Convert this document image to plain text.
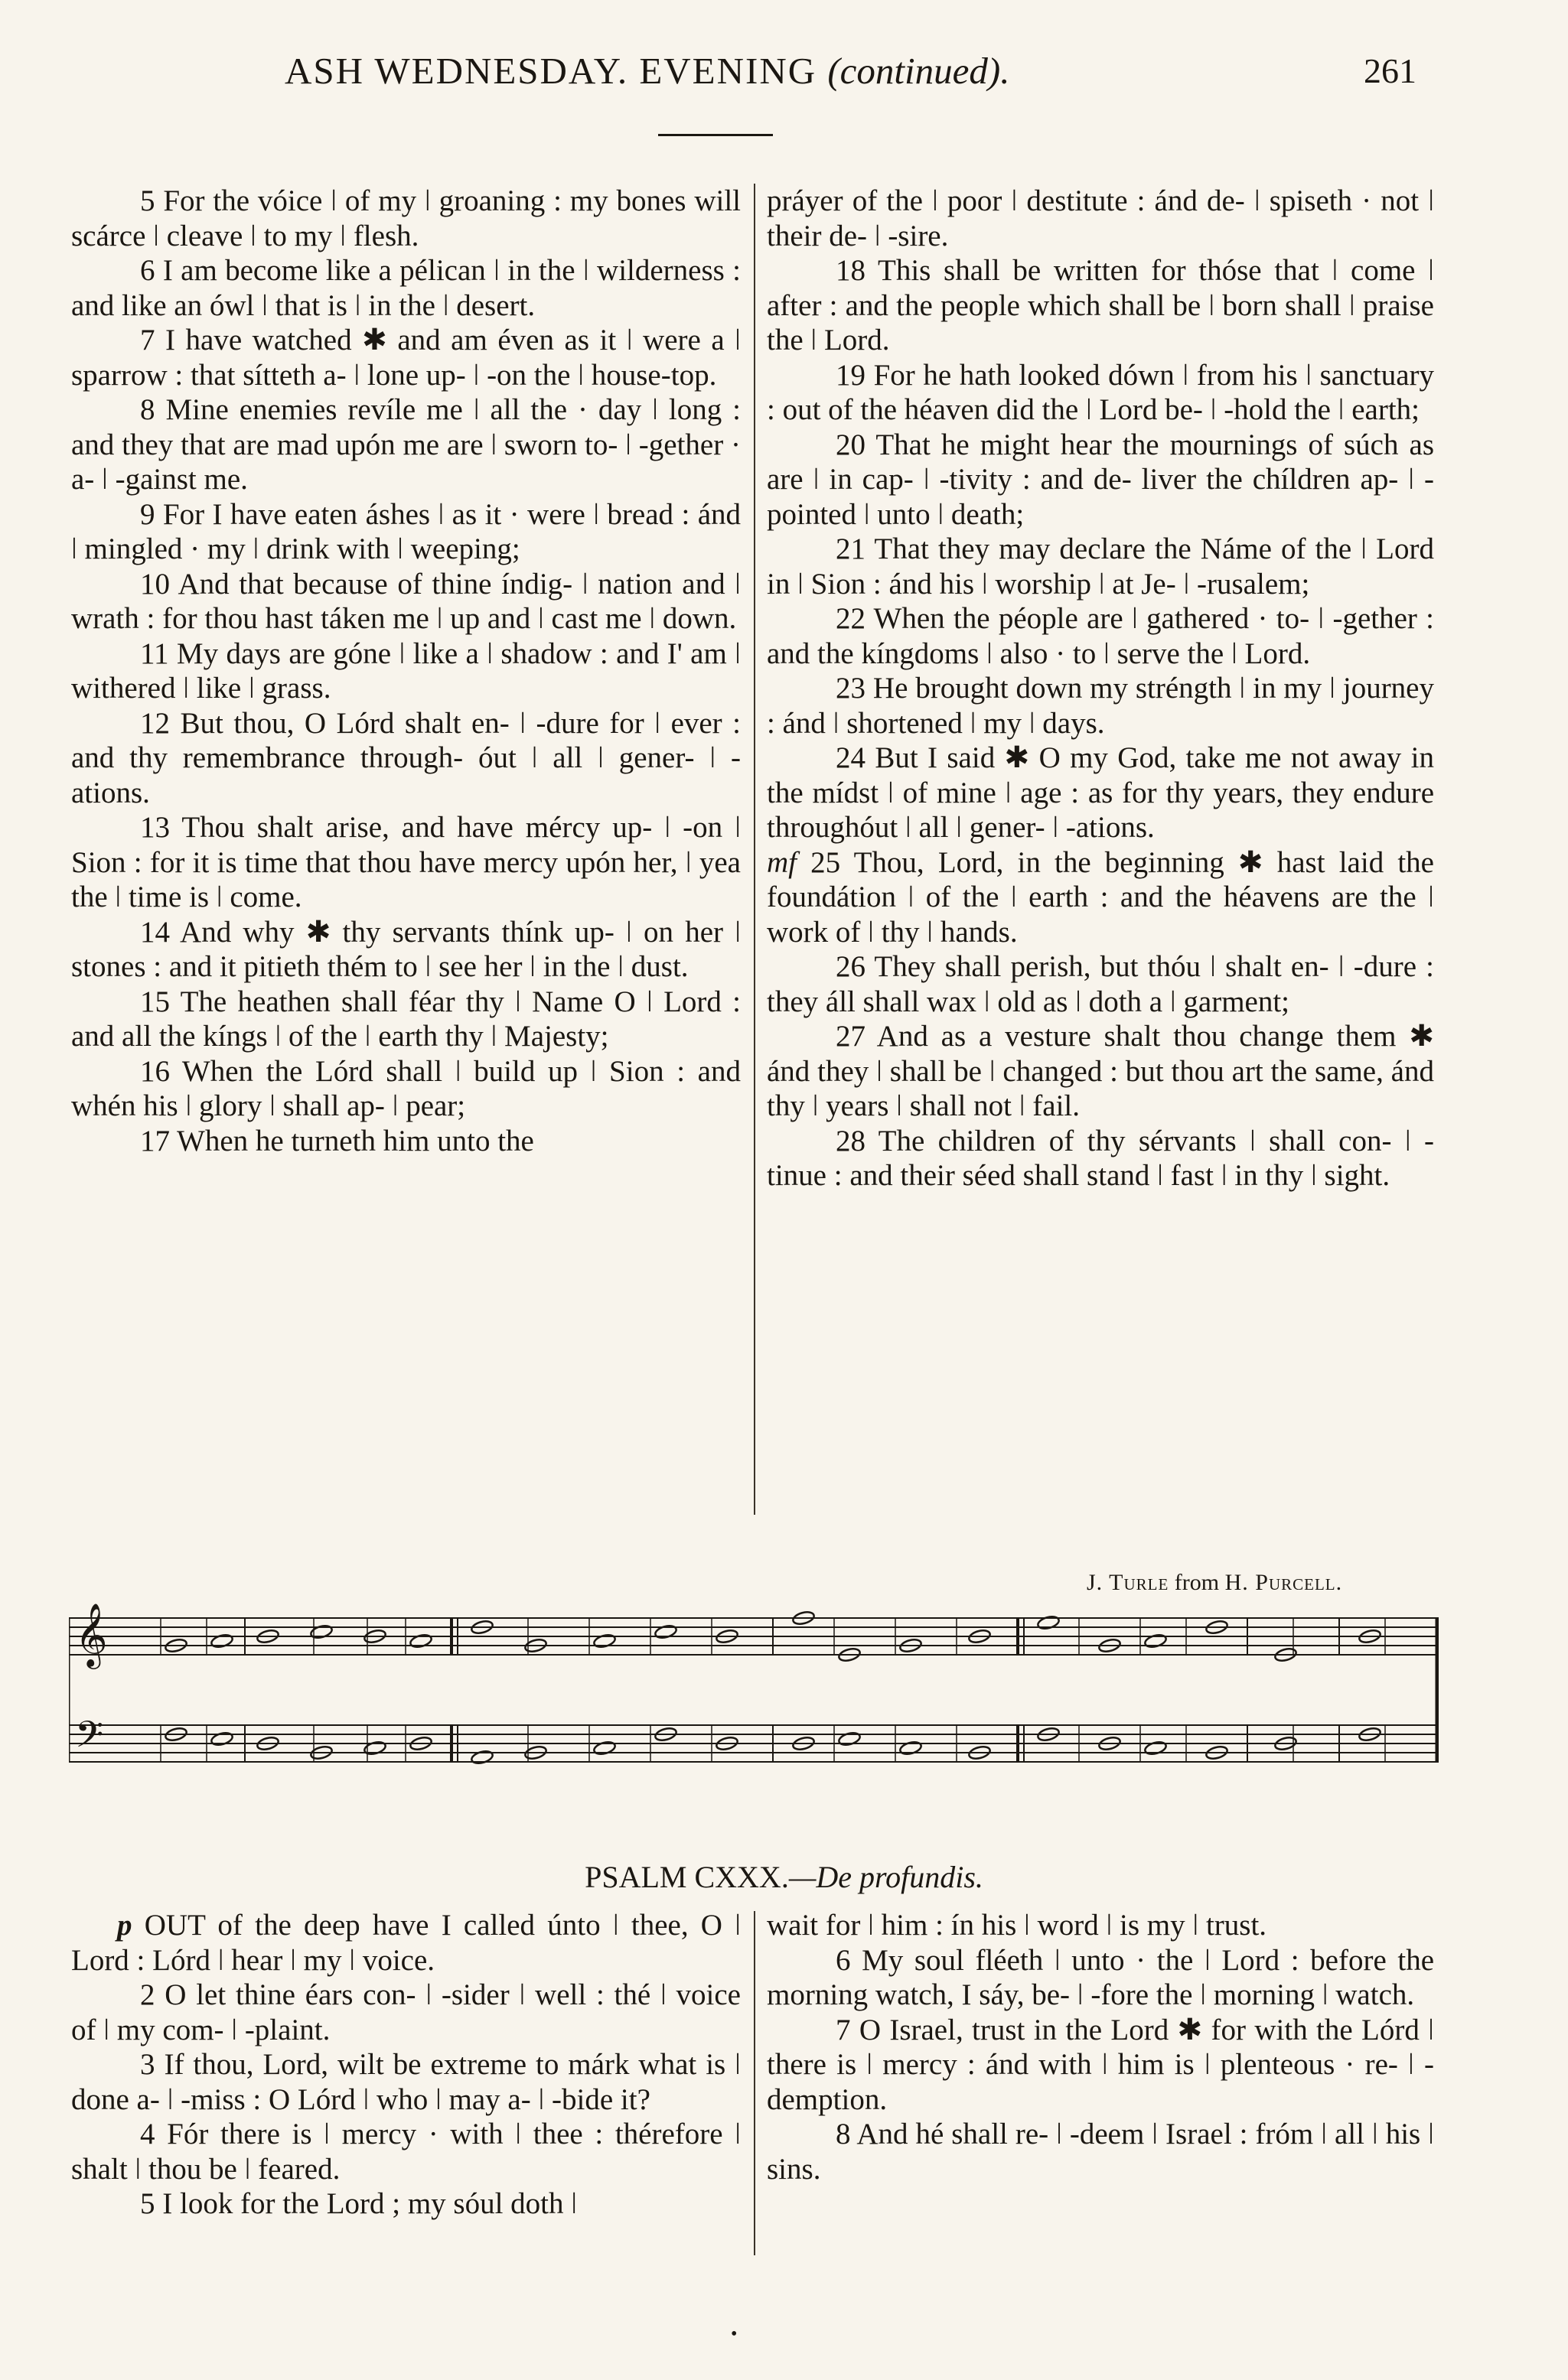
ASH WEDNESDAY. EVENING (continued).	261

5 For the vóice ǀ of my ǀ groaning : my bones will scárce ǀ cleave ǀ to my ǀ flesh.

6 I am become like a pélican ǀ in the ǀ wilderness : and like an ówl ǀ that is ǀ in the ǀ desert.

7 I have watched ✱ and am éven as it ǀ were a ǀ sparrow : that sítteth a- ǀ lone up- ǀ -on the ǀ house-top.

8 Mine enemies revíle me ǀ all the · day ǀ long : and they that are mad upón me are ǀ sworn to- ǀ -gether · a- ǀ -gainst me.

9 For I have eaten áshes ǀ as it · were ǀ bread : ánd ǀ mingled · my ǀ drink with ǀ weeping;

10 And that because of thine índig- ǀ nation and ǀ wrath : for thou hast táken me ǀ up and ǀ cast me ǀ down.

11 My days are góne ǀ like a ǀ shadow : and I' am ǀ withered ǀ like ǀ grass.

12 But thou, O Lórd shalt en- ǀ -dure for ǀ ever : and thy remembrance through- óut ǀ all ǀ gener- ǀ -ations.

13 Thou shalt arise, and have mércy up- ǀ -on ǀ Sion : for it is time that thou have mercy upón her, ǀ yea the ǀ time is ǀ come.

14 And why ✱ thy servants thínk up- ǀ on her ǀ stones : and it pitieth thém to ǀ see her ǀ in the ǀ dust.

15 The heathen shall féar thy ǀ Name O ǀ Lord : and all the kíngs ǀ of the ǀ earth thy ǀ Majesty;

16 When the Lórd shall ǀ build up ǀ Sion : and whén his ǀ glory ǀ shall ap- ǀ pear;

17 When he turneth him unto the

práyer of the ǀ poor ǀ destitute : ánd de- ǀ spiseth · not ǀ their de- ǀ -sire.

18 This shall be written for thóse that ǀ come ǀ after : and the people which shall be ǀ born shall ǀ praise the ǀ Lord.

19 For he hath looked dówn ǀ from his ǀ sanctuary : out of the héaven did the ǀ Lord be- ǀ -hold the ǀ earth;

20 That he might hear the mournings of súch as are ǀ in cap- ǀ -tivity : and de- liver the chíldren ap- ǀ -pointed ǀ unto ǀ death;

21 That they may declare the Náme of the ǀ Lord in ǀ Sion : ánd his ǀ worship ǀ at Je- ǀ -rusalem;

22 When the péople are ǀ gathered · to- ǀ -gether : and the kíngdoms ǀ also · to ǀ serve the ǀ Lord.

23 He brought down my stréngth ǀ in my ǀ journey : ánd ǀ shortened ǀ my ǀ days.

24 But I said ✱ O my God, take me not away in the mídst ǀ of mine ǀ age : as for thy years, they endure throughóut ǀ all ǀ gener- ǀ -ations.

mf 25 Thou, Lord, in the beginning ✱ hast laid the foundátion ǀ of the ǀ earth : and the héavens are the ǀ work of ǀ thy ǀ hands.

26 They shall perish, but thóu ǀ shalt en- ǀ -dure : they áll shall wax ǀ old as ǀ doth a ǀ garment;

27 And as a vesture shalt thou change them ✱ ánd they ǀ shall be ǀ changed : but thou art the same, ánd thy ǀ years ǀ shall not ǀ fail.

28 The children of thy sérvants ǀ shall con- ǀ -tinue : and their séed shall stand ǀ fast ǀ in thy ǀ sight.

J. Turle from H. Purcell.
𝄞
𝄢
PSALM CXXX.—De profundis.

p OUT of the deep have I called únto ǀ thee, O ǀ Lord : Lórd ǀ hear ǀ my ǀ voice.

2 O let thine éars con- ǀ -sider ǀ well : thé ǀ voice of ǀ my com- ǀ -plaint.

3 If thou, Lord, wilt be extreme to márk what is ǀ done a- ǀ -miss : O Lórd ǀ who ǀ may a- ǀ -bide it?

4 Fór there is ǀ mercy · with ǀ thee : thérefore ǀ shalt ǀ thou be ǀ feared.

5 I look for the Lord ; my sóul doth ǀ

wait for ǀ him : ín his ǀ word ǀ is my ǀ trust.

6 My soul fléeth ǀ unto · the ǀ Lord : before the morning watch, I sáy, be- ǀ -fore the ǀ morning ǀ watch.

7 O Israel, trust in the Lord ✱ for with the Lórd ǀ there is ǀ mercy : ánd with ǀ him is ǀ plenteous · re- ǀ -demption.

8 And hé shall re- ǀ -deem ǀ Israel : fróm ǀ all ǀ his ǀ sins.

•
